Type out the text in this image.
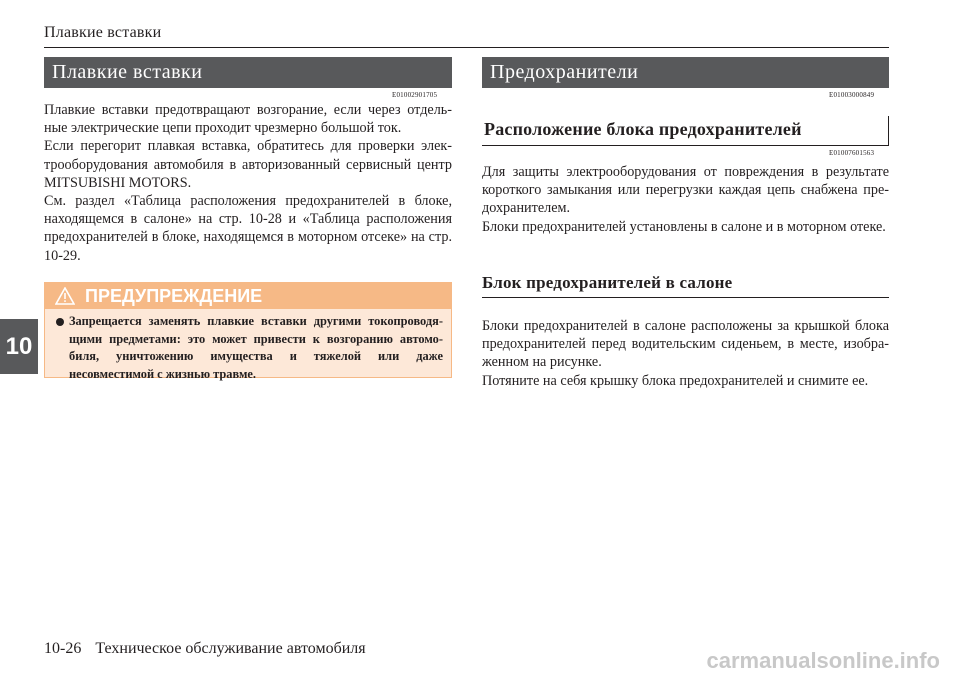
Плавкие вставки
10
Плавкие вставки
E01002901705

Плавкие вставки предотвращают возгорание, если через отдель-ные электрические цепи проходит чрезмерно большой ток.

Если перегорит плавкая вставка, обратитесь для проверки элек-трооборудования автомобиля в авторизованный сервисный центр MITSUBISHI MOTORS.

См. раздел «Таблица расположения предохранителей в блоке, находящемся в салоне» на стр. 10-28 и «Таблица расположения предохранителей в блоке, находящемся в моторном отсеке» на стр. 10-29.

ПРЕДУПРЕЖДЕНИЕ
Запрещается заменять плавкие вставки другими токопроводя-щими предметами: это может привести к возгоранию автомо-биля, уничтожению имущества и тяжелой или даже несовместимой с жизнью травме.
Предохранители
E01003000849
Расположение блока предохранителей
E01007601563

Для защиты электрооборудования от повреждения в результате короткого замыкания или перегрузки каждая цепь снабжена пре-дохранителем.

Блоки предохранителей установлены в салоне и в моторном отеке.

Блок предохранителей в салоне

Блоки предохранителей в салоне расположены за крышкой блока предохранителей перед водительским сиденьем, в месте, изобра-женном на рисунке.

Потяните на себя крышку блока предохранителей и снимите ее.

10-26 Техническое обслуживание автомобиля	carmanualsonline.info
